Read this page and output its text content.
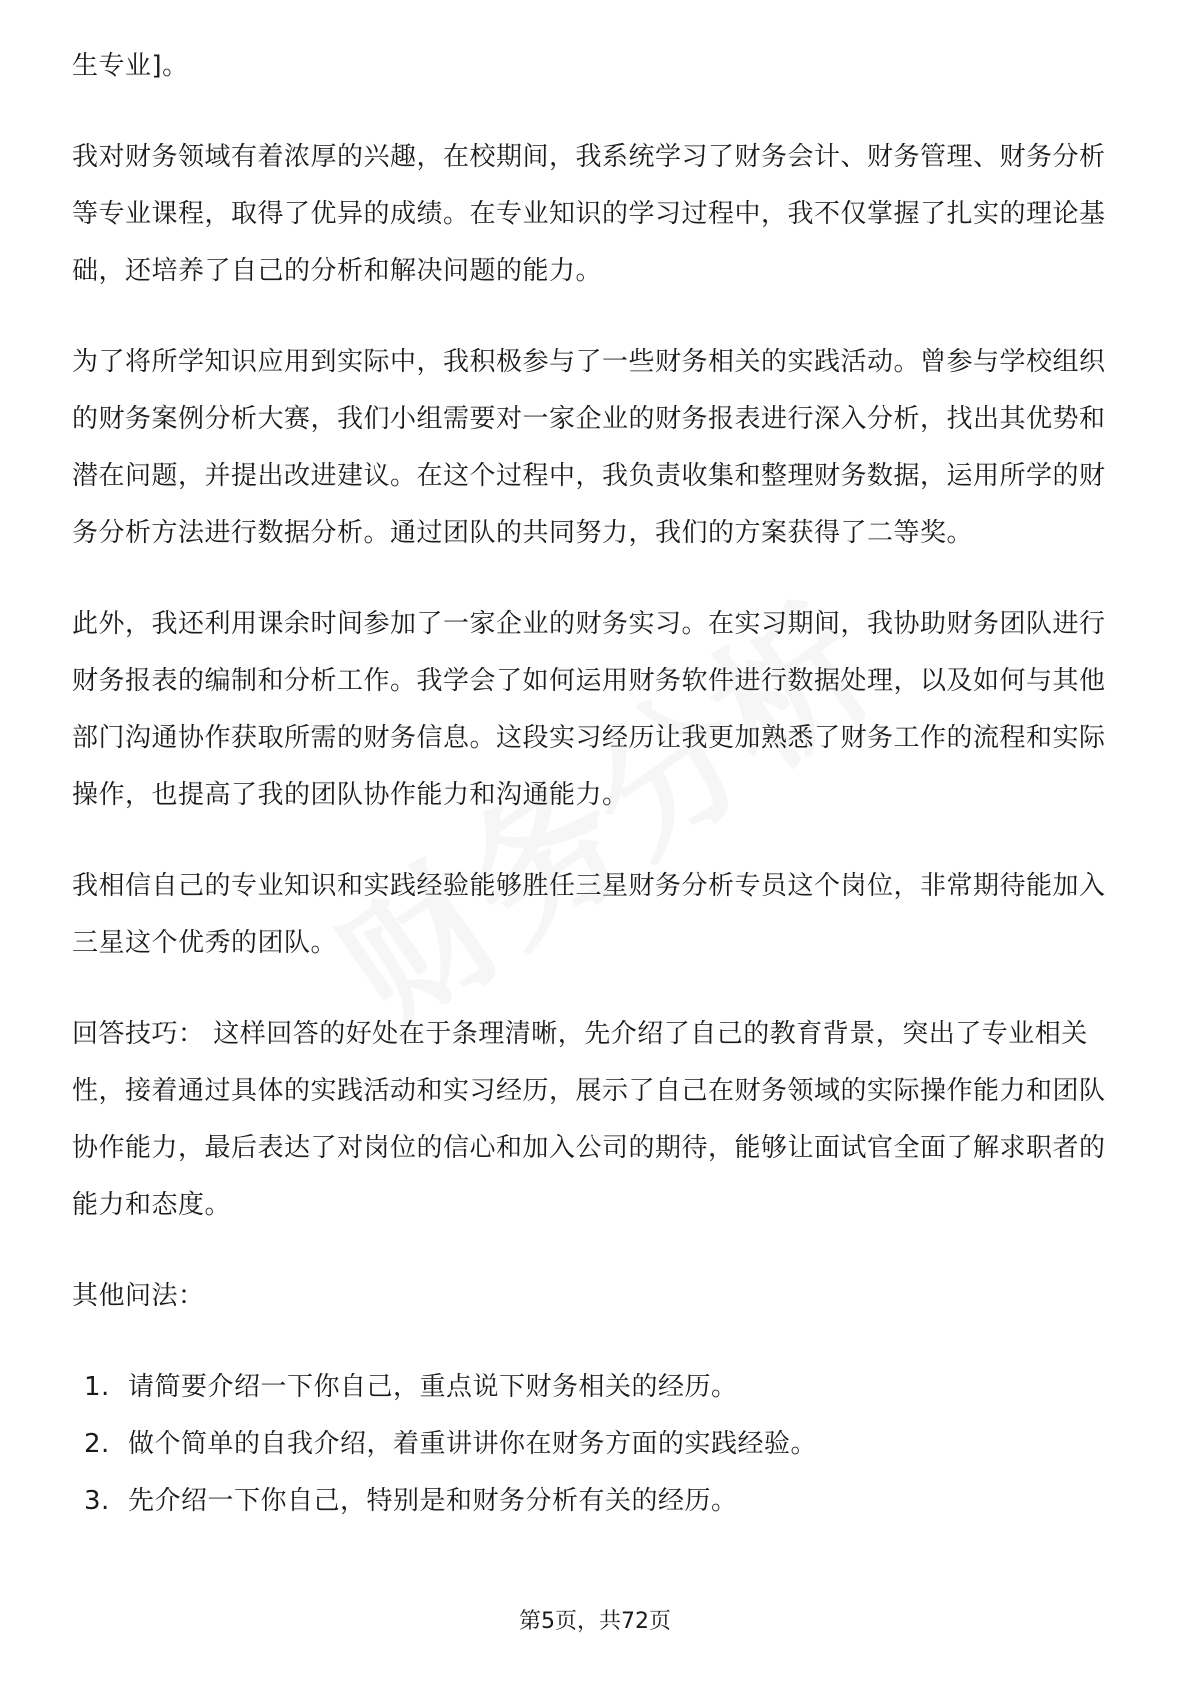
生专业]。

我对财务领域有着浓厚的兴趣，在校期间，我系统学习了财务会计、财务管理、财务分析等专业课程，取得了优异的成绩。在专业知识的学习过程中，我不仅掌握了扎实的理论基础，还培养了自己的分析和解决问题的能力。

为了将所学知识应用到实际中，我积极参与了一些财务相关的实践活动。曾参与学校组织的财务案例分析大赛，我们小组需要对一家企业的财务报表进行深入分析，找出其优势和潜在问题，并提出改进建议。在这个过程中，我负责收集和整理财务数据，运用所学的财务分析方法进行数据分析。通过团队的共同努力，我们的方案获得了二等奖。

此外，我还利用课余时间参加了一家企业的财务实习。在实习期间，我协助财务团队进行财务报表的编制和分析工作。我学会了如何运用财务软件进行数据处理，以及如何与其他部门沟通协作获取所需的财务信息。这段实习经历让我更加熟悉了财务工作的流程和实际操作，也提高了我的团队协作能力和沟通能力。

我相信自己的专业知识和实践经验能够胜任三星财务分析专员这个岗位，非常期待能加入三星这个优秀的团队。

回答技巧： 这样回答的好处在于条理清晰，先介绍了自己的教育背景，突出了专业相关性，接着通过具体的实践活动和实习经历，展示了自己在财务领域的实际操作能力和团队协作能力，最后表达了对岗位的信心和加入公司的期待，能够让面试官全面了解求职者的能力和态度。

其他问法：

1. 请简要介绍一下你自己，重点说下财务相关的经历。
2. 做个简单的自我介绍，着重讲讲你在财务方面的实践经验。
3. 先介绍一下你自己，特别是和财务分析有关的经历。
第5页，共72页
